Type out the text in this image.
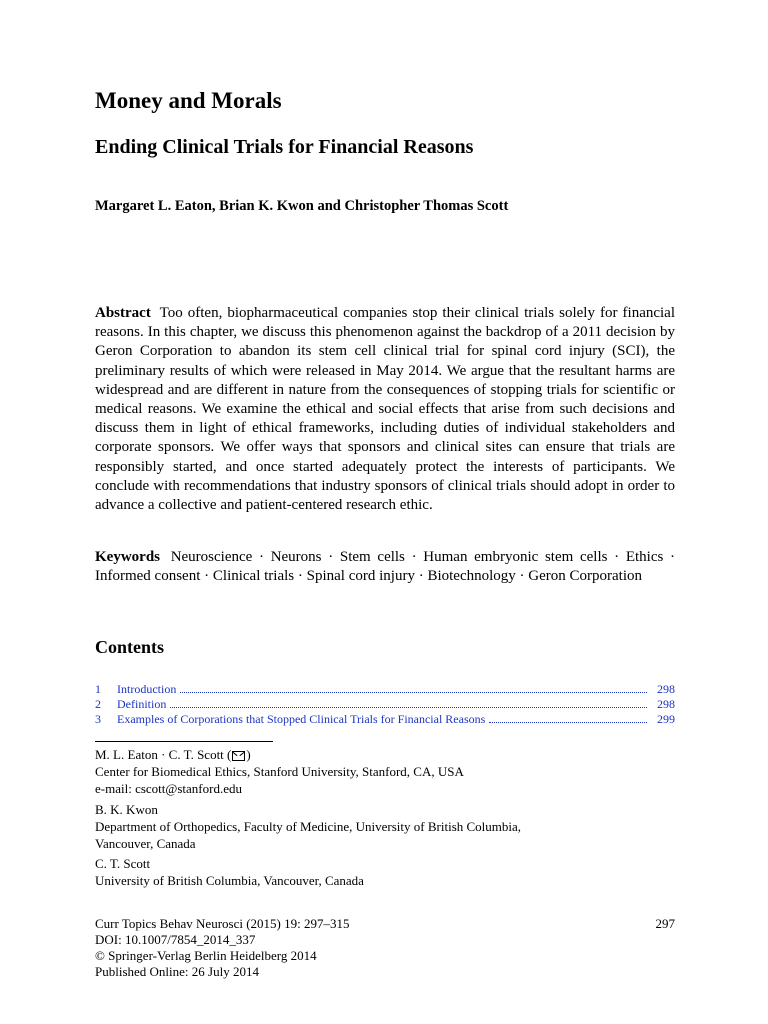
Money and Morals
Ending Clinical Trials for Financial Reasons
Margaret L. Eaton, Brian K. Kwon and Christopher Thomas Scott

Abstract Too often, biopharmaceutical companies stop their clinical trials solely for financial reasons. In this chapter, we discuss this phenomenon against the backdrop of a 2011 decision by Geron Corporation to abandon its stem cell clinical trial for spinal cord injury (SCI), the preliminary results of which were released in May 2014. We argue that the resultant harms are widespread and are different in nature from the consequences of stopping trials for scientific or medical reasons. We examine the ethical and social effects that arise from such decisions and discuss them in light of ethical frameworks, including duties of individual stakeholders and corporate sponsors. We offer ways that sponsors and clinical sites can ensure that trials are responsibly started, and once started adequately protect the interests of participants. We conclude with recommendations that industry sponsors of clinical trials should adopt in order to advance a collective and patient-centered research ethic.

Keywords Neuroscience · Neurons · Stem cells · Human embryonic stem cells · Ethics · Informed consent · Clinical trials · Spinal cord injury · Biotechnology · Geron Corporation

Contents
1	Introduction	298
2	Definition	298
3	Examples of Corporations that Stopped Clinical Trials for Financial Reasons	299
M. L. Eaton · C. T. Scott ( )
Center for Biomedical Ethics, Stanford University, Stanford, CA, USA
e-mail: cscott@stanford.edu
B. K. Kwon
Department of Orthopedics, Faculty of Medicine, University of British Columbia,
Vancouver, Canada
C. T. Scott
University of British Columbia, Vancouver, Canada
Curr Topics Behav Neurosci (2015) 19: 297–315
DOI: 10.1007/7854_2014_337
© Springer-Verlag Berlin Heidelberg 2014
Published Online: 26 July 2014
297
